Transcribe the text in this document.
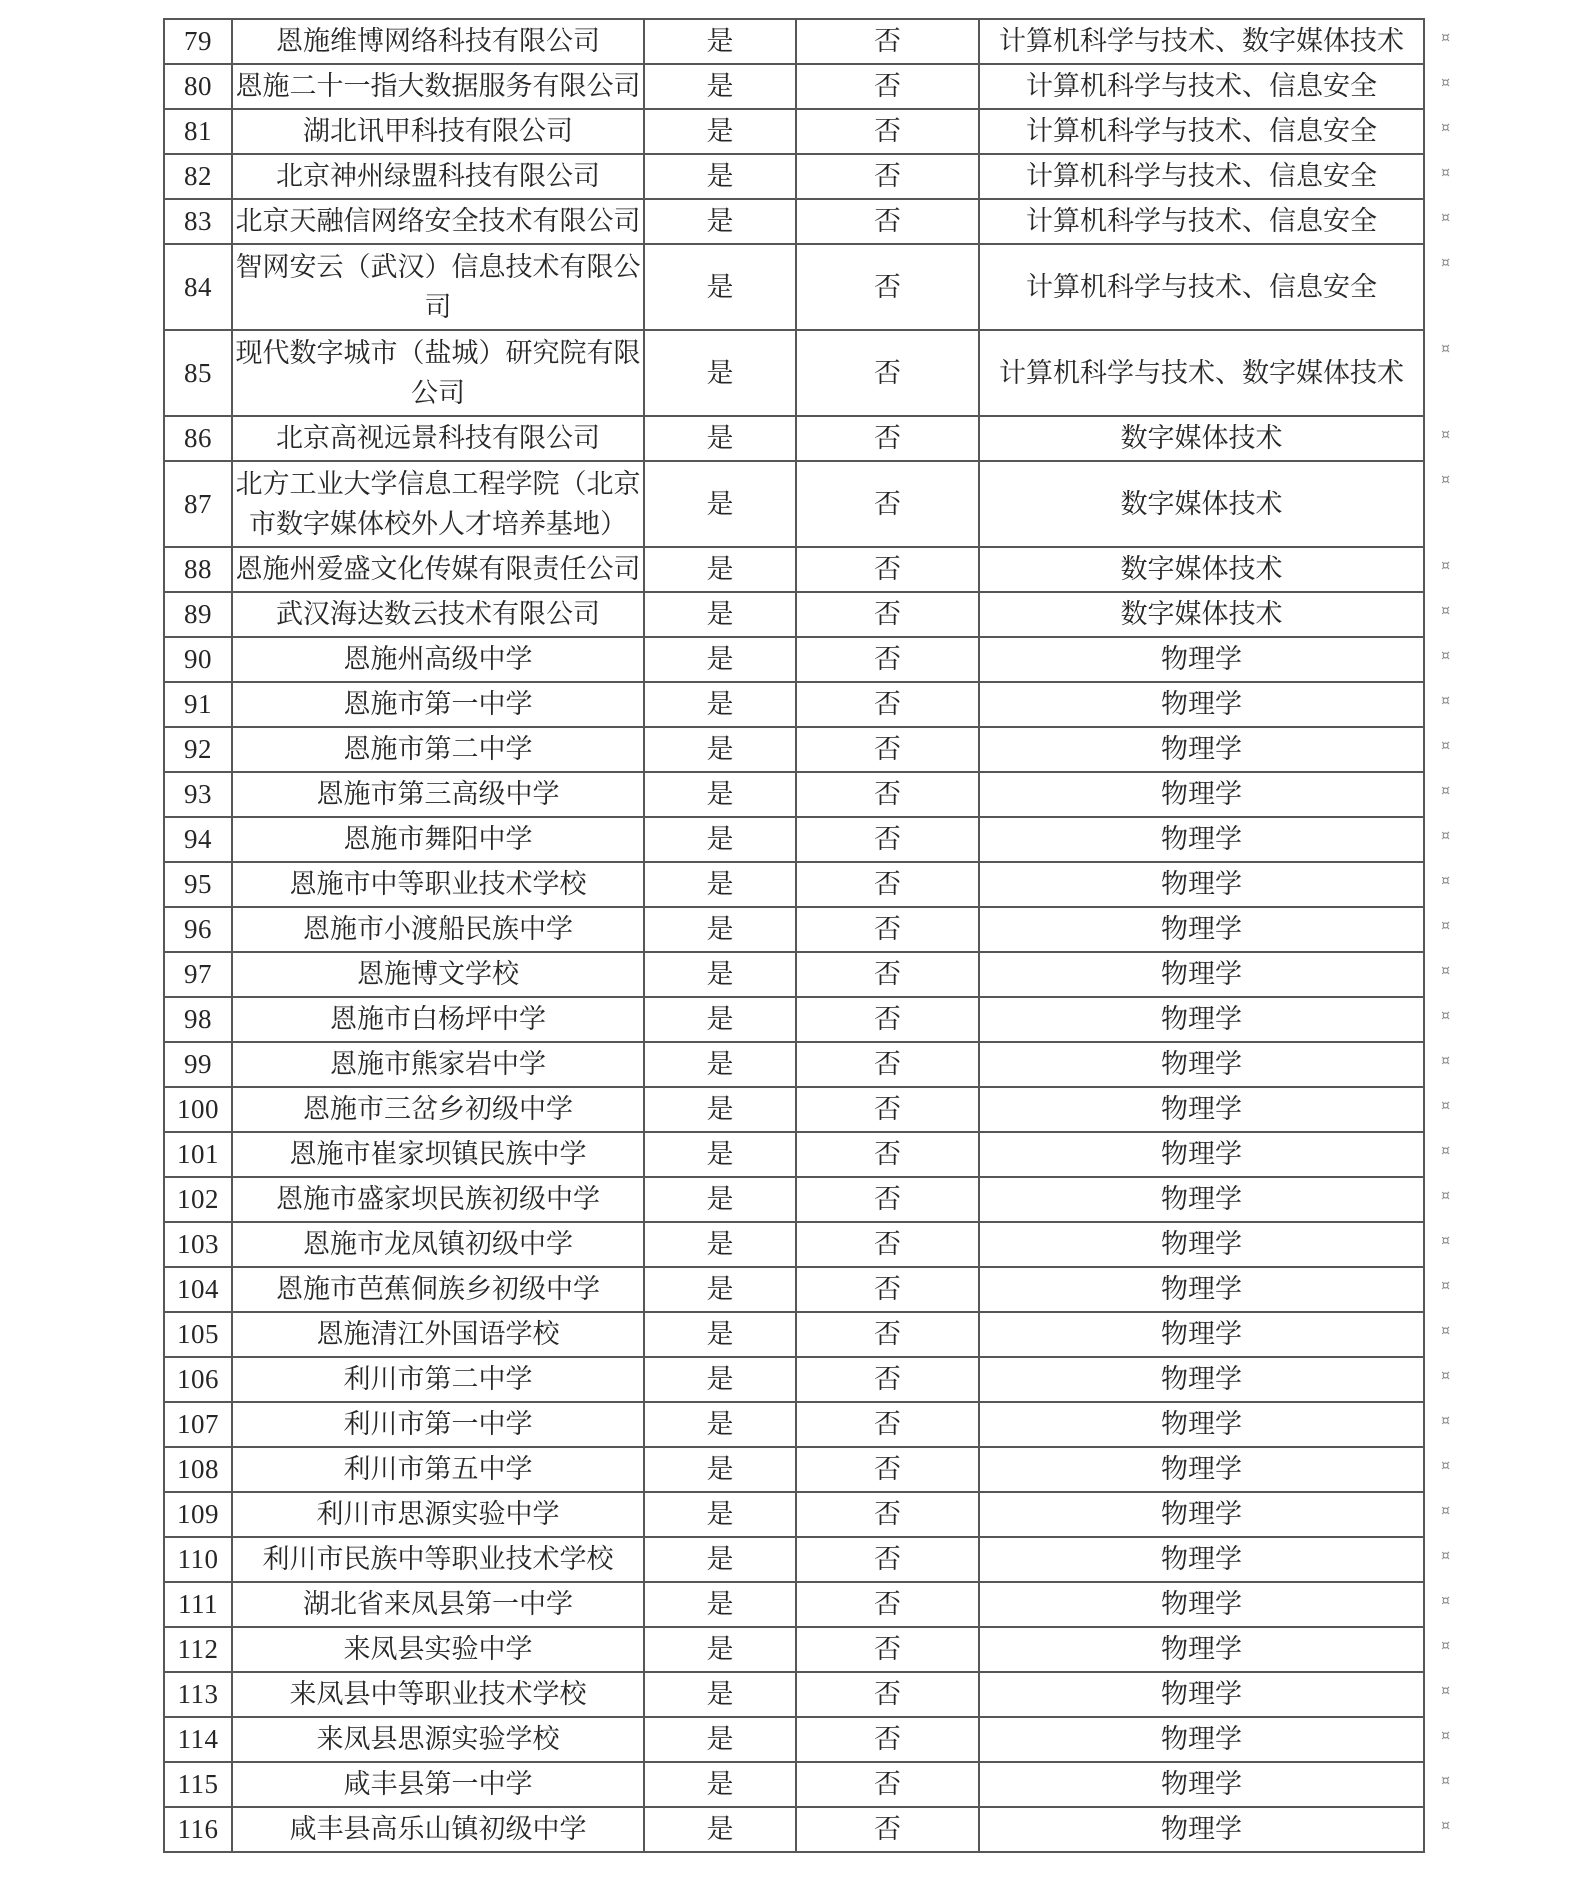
79	恩施维博网络科技有限公司	是	否	计算机科学与技术、数字媒体技术 ¤

80	恩施二十一指大数据服务有限公司	是	否	计算机科学与技术、信息安全 ¤

81	湖北讯甲科技有限公司	是	否	计算机科学与技术、信息安全 ¤

82	北京神州绿盟科技有限公司	是	否	计算机科学与技术、信息安全 ¤

83	北京天融信网络安全技术有限公司	是	否	计算机科学与技术、信息安全 ¤

84	智网安云（武汉）信息技术有限公司	是	否	计算机科学与技术、信息安全
¤

85	现代数字城市（盐城）研究院有限公司	是	否	计算机科学与技术、数字媒体技术
¤

86	北京高视远景科技有限公司	是	否	数字媒体技术 ¤

87	北方工业大学信息工程学院（北京市数字媒体校外人才培养基地）	是	否	数字媒体技术
¤

88	恩施州爱盛文化传媒有限责任公司	是	否	数字媒体技术 ¤

89	武汉海达数云技术有限公司	是	否	数字媒体技术 ¤

90	恩施州高级中学	是	否	物理学 ¤

91	恩施市第一中学	是	否	物理学 ¤

92	恩施市第二中学	是	否	物理学 ¤

93	恩施市第三高级中学	是	否	物理学 ¤

94	恩施市舞阳中学	是	否	物理学 ¤

95	恩施市中等职业技术学校	是	否	物理学 ¤

96	恩施市小渡船民族中学	是	否	物理学 ¤

97	恩施博文学校	是	否	物理学 ¤

98	恩施市白杨坪中学	是	否	物理学 ¤

99	恩施市熊家岩中学	是	否	物理学 ¤

100	恩施市三岔乡初级中学	是	否	物理学 ¤

101	恩施市崔家坝镇民族中学	是	否	物理学 ¤

102	恩施市盛家坝民族初级中学	是	否	物理学 ¤

103	恩施市龙凤镇初级中学	是	否	物理学 ¤

104	恩施市芭蕉侗族乡初级中学	是	否	物理学 ¤

105	恩施清江外国语学校	是	否	物理学 ¤

106	利川市第二中学	是	否	物理学 ¤

107	利川市第一中学	是	否	物理学 ¤

108	利川市第五中学	是	否	物理学 ¤

109	利川市思源实验中学	是	否	物理学 ¤

110	利川市民族中等职业技术学校	是	否	物理学 ¤

111	湖北省来凤县第一中学	是	否	物理学 ¤

112	来凤县实验中学	是	否	物理学 ¤

113	来凤县中等职业技术学校	是	否	物理学 ¤

114	来凤县思源实验学校	是	否	物理学 ¤

115	咸丰县第一中学	是	否	物理学 ¤

116	咸丰县高乐山镇初级中学	是	否	物理学 ¤
